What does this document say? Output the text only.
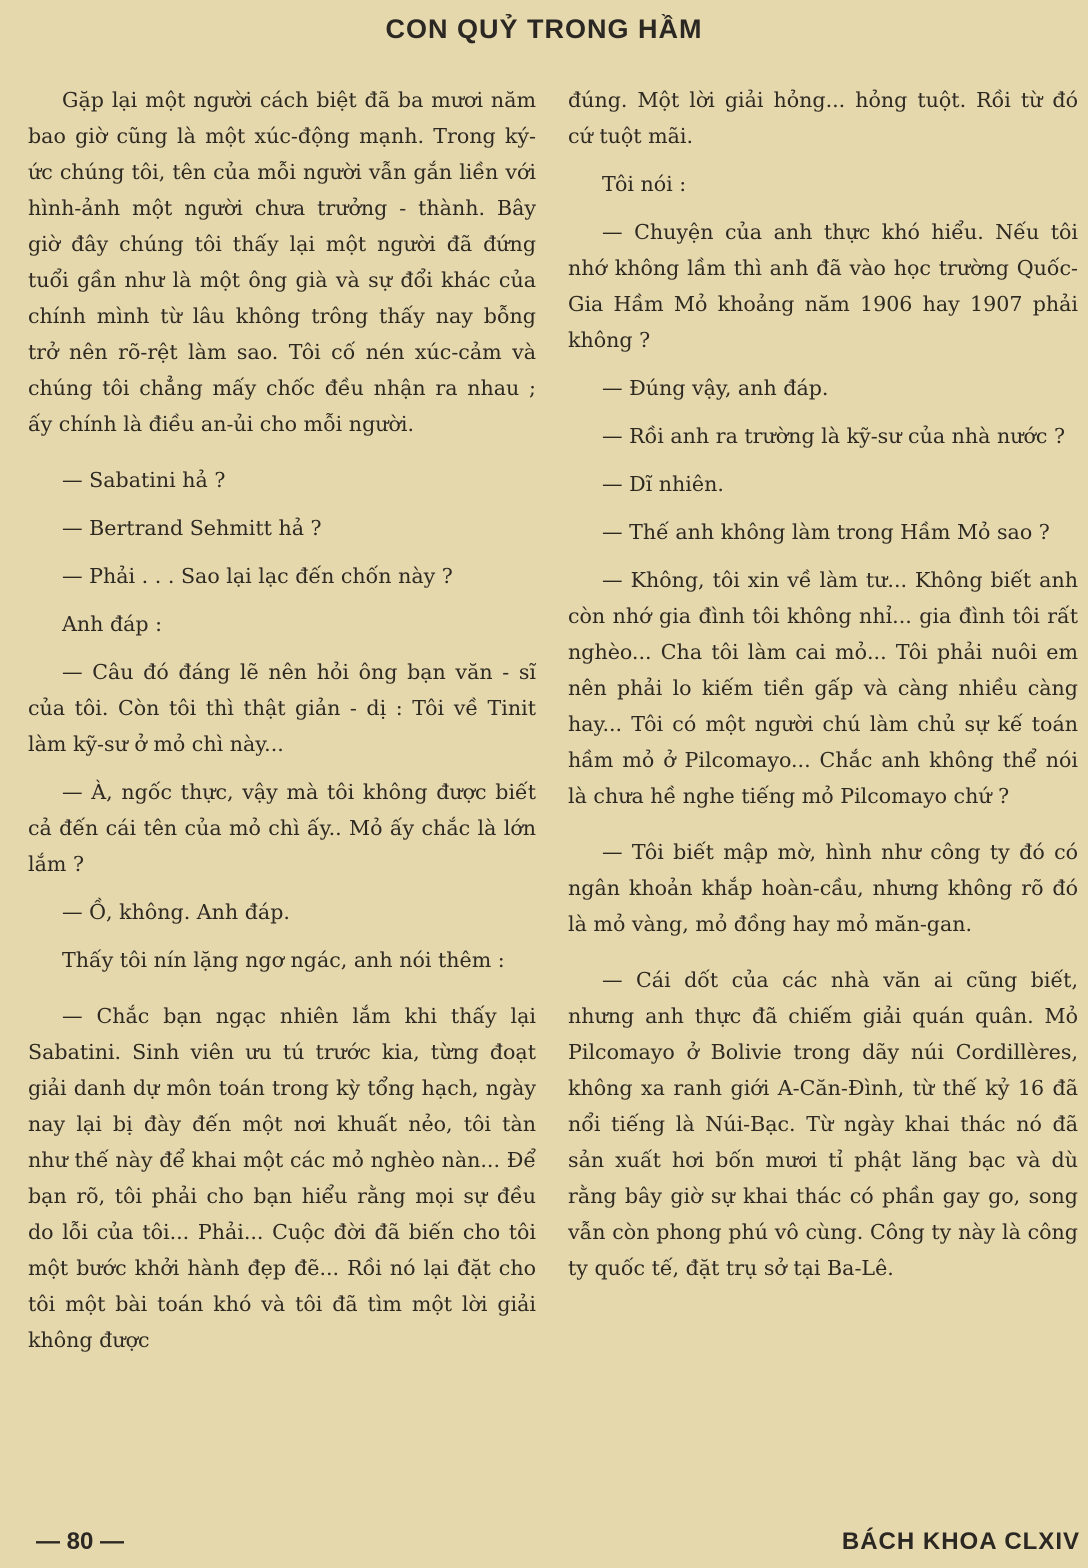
CON QUỶ TRONG HẦM

Gặp lại một người cách biệt đã ba mươi năm bao giờ cũng là một xúc-động mạnh. Trong ký-ức chúng tôi, tên của mỗi người vẫn gắn liền với hình-ảnh một người chưa trưởng - thành. Bây giờ đây chúng tôi thấy lại một người đã đứng tuổi gần như là một ông già và sự đổi khác của chính mình từ lâu không trông thấy nay bỗng trở nên rõ-rệt làm sao. Tôi cố nén xúc-cảm và chúng tôi chẳng mấy chốc đều nhận ra nhau ; ấy chính là điều an-ủi cho mỗi người.

— Sabatini hả ?

— Bertrand Sehmitt hả ?

— Phải . . . Sao lại lạc đến chốn này ?

Anh đáp :

— Câu đó đáng lẽ nên hỏi ông bạn văn - sĩ của tôi. Còn tôi thì thật giản - dị : Tôi về Tinit làm kỹ-sư ở mỏ chì này...

— À, ngốc thực, vậy mà tôi không được biết cả đến cái tên của mỏ chì ấy.. Mỏ ấy chắc là lớn lắm ?

— Ồ, không. Anh đáp.

Thấy tôi nín lặng ngơ ngác, anh nói thêm :

— Chắc bạn ngạc nhiên lắm khi thấy lại Sabatini. Sinh viên ưu tú trước kia, từng đoạt giải danh dự môn toán trong kỳ tổng hạch, ngày nay lại bị đày đến một nơi khuất nẻo, tôi tàn như thế này để khai một các mỏ nghèo nàn... Để bạn rõ, tôi phải cho bạn hiểu rằng mọi sự đều do lỗi của tôi... Phải... Cuộc đời đã biến cho tôi một bước khởi hành đẹp đẽ... Rồi nó lại đặt cho tôi một bài toán khó và tôi đã tìm một lời giải không được

đúng. Một lời giải hỏng... hỏng tuột. Rồi từ đó cứ tuột mãi.

Tôi nói :

— Chuyện của anh thực khó hiểu. Nếu tôi nhớ không lầm thì anh đã vào học trường Quốc-Gia Hầm Mỏ khoảng năm 1906 hay 1907 phải không ?

— Đúng vậy, anh đáp.

— Rồi anh ra trường là kỹ-sư của nhà nước ?

— Dĩ nhiên.

— Thế anh không làm trong Hầm Mỏ sao ?

— Không, tôi xin về làm tư... Không biết anh còn nhớ gia đình tôi không nhỉ... gia đình tôi rất nghèo... Cha tôi làm cai mỏ... Tôi phải nuôi em nên phải lo kiếm tiền gấp và càng nhiều càng hay... Tôi có một người chú làm chủ sự kế toán hầm mỏ ở Pilcomayo... Chắc anh không thể nói là chưa hề nghe tiếng mỏ Pilcomayo chứ ?

— Tôi biết mập mờ, hình như công ty đó có ngân khoản khắp hoàn-cầu, nhưng không rõ đó là mỏ vàng, mỏ đồng hay mỏ măn-gan.

— Cái dốt của các nhà văn ai cũng biết, nhưng anh thực đã chiếm giải quán quân. Mỏ Pilcomayo ở Bolivie trong dãy núi Cordillères, không xa ranh giới A-Căn-Đình, từ thế kỷ 16 đã nổi tiếng là Núi-Bạc. Từ ngày khai thác nó đã sản xuất hơi bốn mươi tỉ phật lăng bạc và dù rằng bây giờ sự khai thác có phần gay go, song vẫn còn phong phú vô cùng. Công ty này là công ty quốc tế, đặt trụ sở tại Ba-Lê.

— 80 —	BÁCH KHOA CLXIV
